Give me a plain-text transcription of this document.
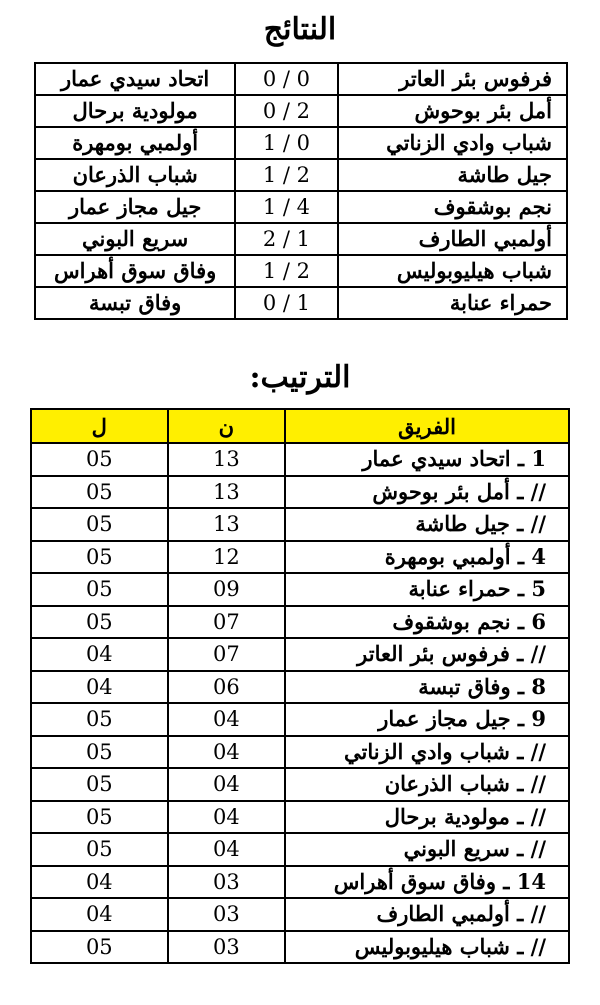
النتائج
فرفوس بئر العاتر	0 / 0	اتحاد سيدي عمار
أمل بئر بوحوش	0 / 2	مولودية برحال
شباب وادي الزناتي	1 / 0	أولمبي بومهرة
جيل طاشة	1 / 2	شباب الذرعان
نجم بوشقوف	1 / 4	جيل مجاز عمار
أولمبي الطارف	2 / 1	سريع البوني
شباب هيليوبوليس	1 / 2	وفاق سوق أهراس
حمراء عنابة	0 / 1	وفاق تبسة
الترتيب:
الفريق	ن	ل
1 ـ اتحاد سيدي عمار	13	05
// ـ أمل بئر بوحوش	13	05
// ـ جيل طاشة	13	05
4 ـ أولمبي بومهرة	12	05
5 ـ حمراء عنابة	09	05
6 ـ نجم بوشقوف	07	05
// ـ فرفوس بئر العاتر	07	04
8 ـ وفاق تبسة	06	04
9 ـ جيل مجاز عمار	04	05
// ـ شباب وادي الزناتي	04	05
// ـ شباب الذرعان	04	05
// ـ مولودية برحال	04	05
// ـ سريع البوني	04	05
14 ـ وفاق سوق أهراس	03	04
// ـ أولمبي الطارف	03	04
// ـ شباب هيليوبوليس	03	05
